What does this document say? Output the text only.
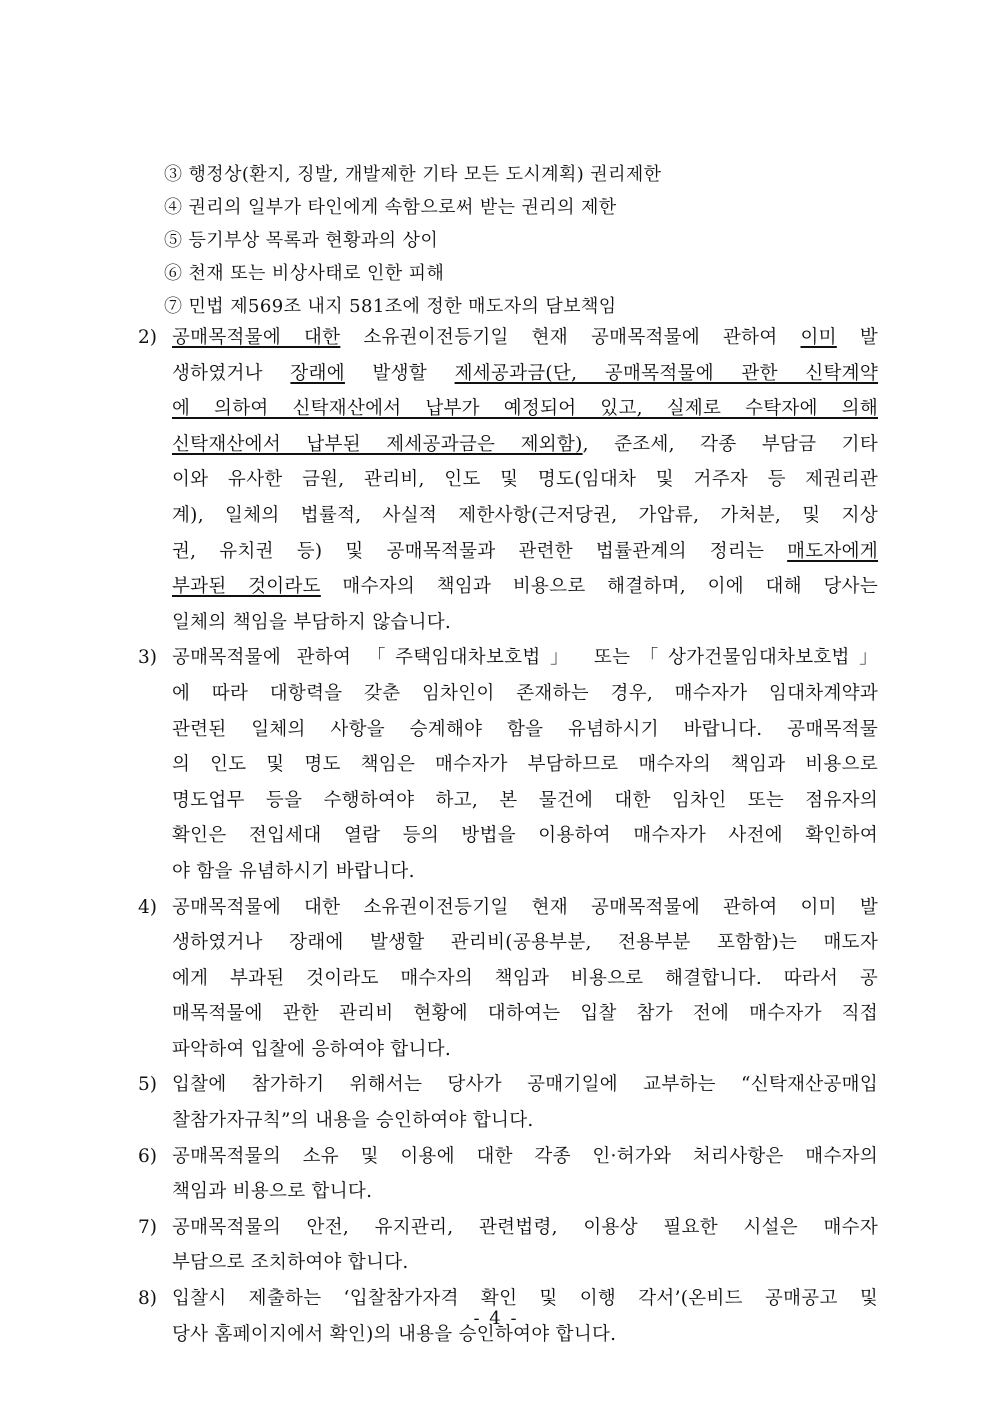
③ 행정상(환지, 징발, 개발제한 기타 모든 도시계획) 권리제한
④ 권리의 일부가 타인에게 속함으로써 받는 권리의 제한
⑤ 등기부상 목록과 현황과의 상이
⑥ 천재 또는 비상사태로 인한 피해
⑦ 민법 제569조 내지 581조에 정한 매도자의 담보책임
2) 공매목적물에 대한 소유권이전등기일 현재 공매목적물에 관하여 이미 발
생하였거나 장래에 발생할 제세공과금(단, 공매목적물에 관한 신탁계약
에 의하여 신탁재산에서 납부가 예정되어 있고, 실제로 수탁자에 의해
신탁재산에서 납부된 제세공과금은 제외함), 준조세, 각종 부담금 기타
이와 유사한 금원, 관리비, 인도 및 명도(임대차 및 거주자 등 제권리관
계), 일체의 법률적, 사실적 제한사항(근저당권, 가압류, 가처분, 및 지상
권, 유치권 등) 및 공매목적물과 관련한 법률관계의 정리는 매도자에게
부과된 것이라도 매수자의 책임과 비용으로 해결하며, 이에 대해 당사는
일체의 책임을 부담하지 않습니다.
3) 공매목적물에 관하여 「주택임대차보호법」 또는「상가건물임대차보호법」
에 따라 대항력을 갖춘 임차인이 존재하는 경우, 매수자가 임대차계약과
관련된 일체의 사항을 승계해야 함을 유념하시기 바랍니다. 공매목적물
의 인도 및 명도 책임은 매수자가 부담하므로 매수자의 책임과 비용으로
명도업무 등을 수행하여야 하고, 본 물건에 대한 임차인 또는 점유자의
확인은 전입세대 열람 등의 방법을 이용하여 매수자가 사전에 확인하여
야 함을 유념하시기 바랍니다.
4) 공매목적물에 대한 소유권이전등기일 현재 공매목적물에 관하여 이미 발
생하였거나 장래에 발생할 관리비(공용부분, 전용부분 포함함)는 매도자
에게 부과된 것이라도 매수자의 책임과 비용으로 해결합니다. 따라서 공
매목적물에 관한 관리비 현황에 대하여는 입찰 참가 전에 매수자가 직접
파악하여 입찰에 응하여야 합니다.
5) 입찰에 참가하기 위해서는 당사가 공매기일에 교부하는 “신탁재산공매입
찰참가자규칙”의 내용을 승인하여야 합니다.
6) 공매목적물의 소유 및 이용에 대한 각종 인·허가와 처리사항은 매수자의
책임과 비용으로 합니다.
7) 공매목적물의 안전, 유지관리, 관련법령, 이용상 필요한 시설은 매수자
부담으로 조치하여야 합니다.
8) 입찰시 제출하는 ‘입찰참가자격 확인 및 이행 각서’(온비드 공매공고 및
당사 홈페이지에서 확인)의 내용을 승인하여야 합니다.
- 4 -
